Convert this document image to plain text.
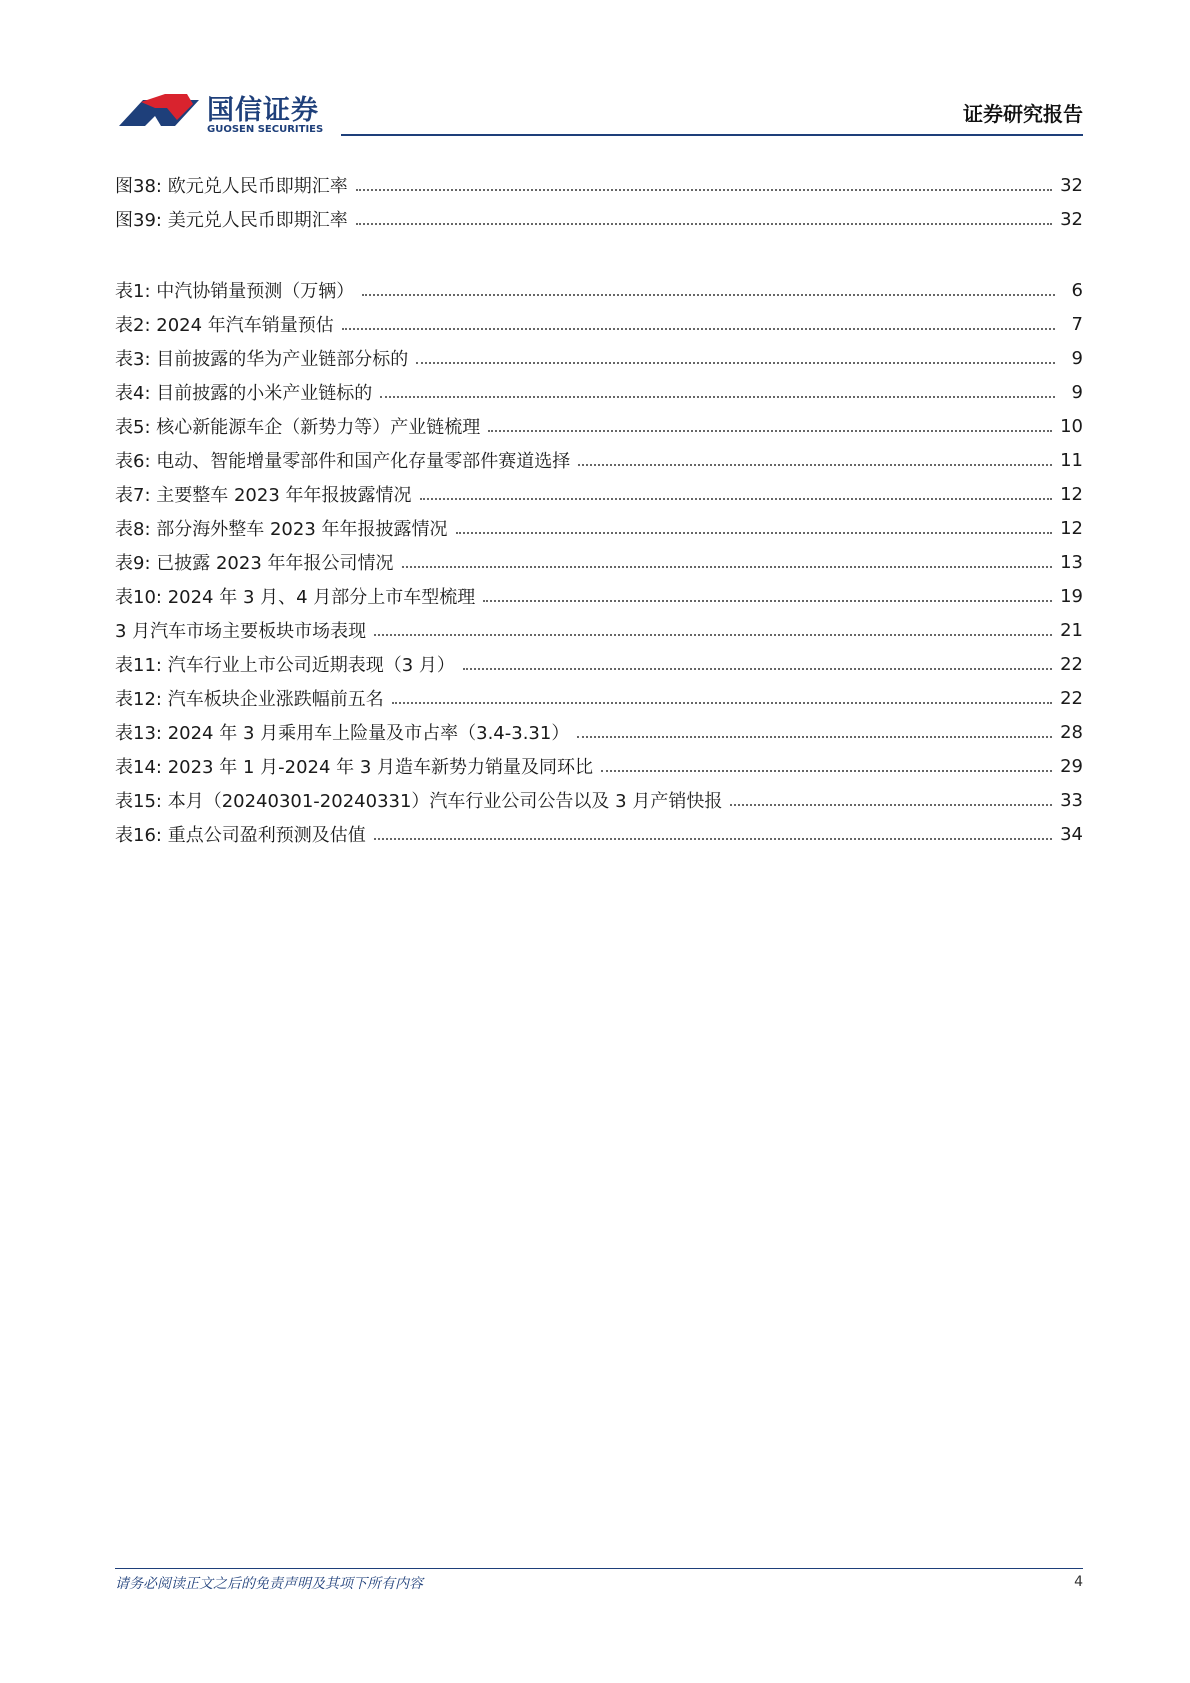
国信证券
GUOSEN SECURITIES
证券研究报告
图38: 欧元兑人民币即期汇率	32
图39: 美元兑人民币即期汇率	32
表1: 中汽协销量预测（万辆）	6
表2: 2024 年汽车销量预估	7
表3: 目前披露的华为产业链部分标的	9
表4: 目前披露的小米产业链标的	9
表5: 核心新能源车企（新势力等）产业链梳理	10
表6: 电动、智能增量零部件和国产化存量零部件赛道选择	11
表7: 主要整车 2023 年年报披露情况	12
表8: 部分海外整车 2023 年年报披露情况	12
表9: 已披露 2023 年年报公司情况	13
表10: 2024 年 3 月、4 月部分上市车型梳理	19
3 月汽车市场主要板块市场表现	21
表11: 汽车行业上市公司近期表现（3 月）	22
表12: 汽车板块企业涨跌幅前五名	22
表13: 2024 年 3 月乘用车上险量及市占率（3.4-3.31）	28
表14: 2023 年 1 月-2024 年 3 月造车新势力销量及同环比	29
表15: 本月（20240301-20240331）汽车行业公司公告以及 3 月产销快报	33
表16: 重点公司盈利预测及估值	34
请务必阅读正文之后的免责声明及其项下所有内容	4
